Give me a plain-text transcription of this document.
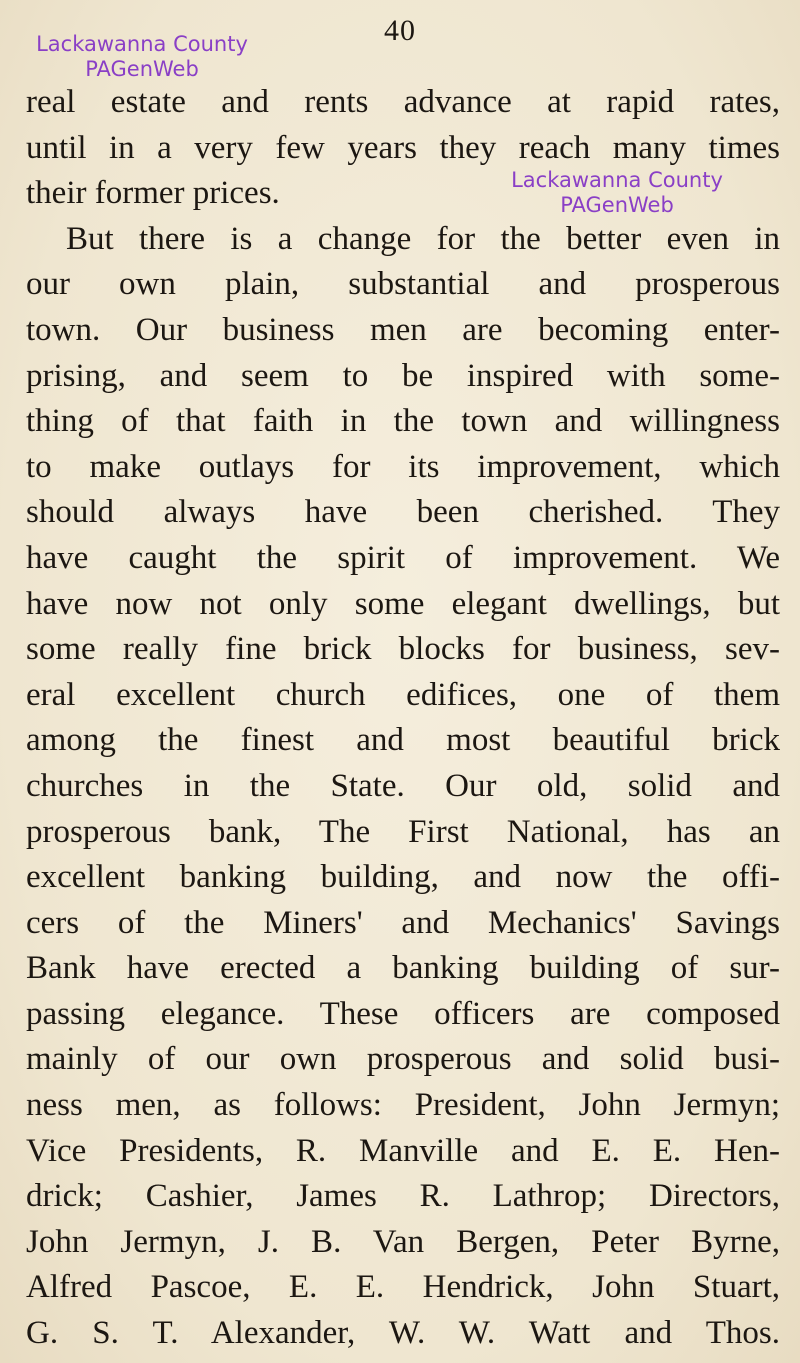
40
Lackawanna County
PAGenWeb
Lackawanna County
PAGenWeb
real estate and rents advance at rapid rates,
until in a very few years they reach many times
their former prices.
But there is a change for the better even in
our own plain, substantial and prosperous
town. Our business men are becoming enter-
prising, and seem to be inspired with some-
thing of that faith in the town and willingness
to make outlays for its improvement, which
should always have been cherished. They
have caught the spirit of improvement. We
have now not only some elegant dwellings, but
some really fine brick blocks for business, sev-
eral excellent church edifices, one of them
among the finest and most beautiful brick
churches in the State. Our old, solid and
prosperous bank, The First National, has an
excellent banking building, and now the offi-
cers of the Miners' and Mechanics' Savings
Bank have erected a banking building of sur-
passing elegance. These officers are composed
mainly of our own prosperous and solid busi-
ness men, as follows: President, John Jermyn;
Vice Presidents, R. Manville and E. E. Hen-
drick; Cashier, James R. Lathrop; Directors,
John Jermyn, J. B. Van Bergen, Peter Byrne,
Alfred Pascoe, E. E. Hendrick, John Stuart,
G. S. T. Alexander, W. W. Watt and Thos.
